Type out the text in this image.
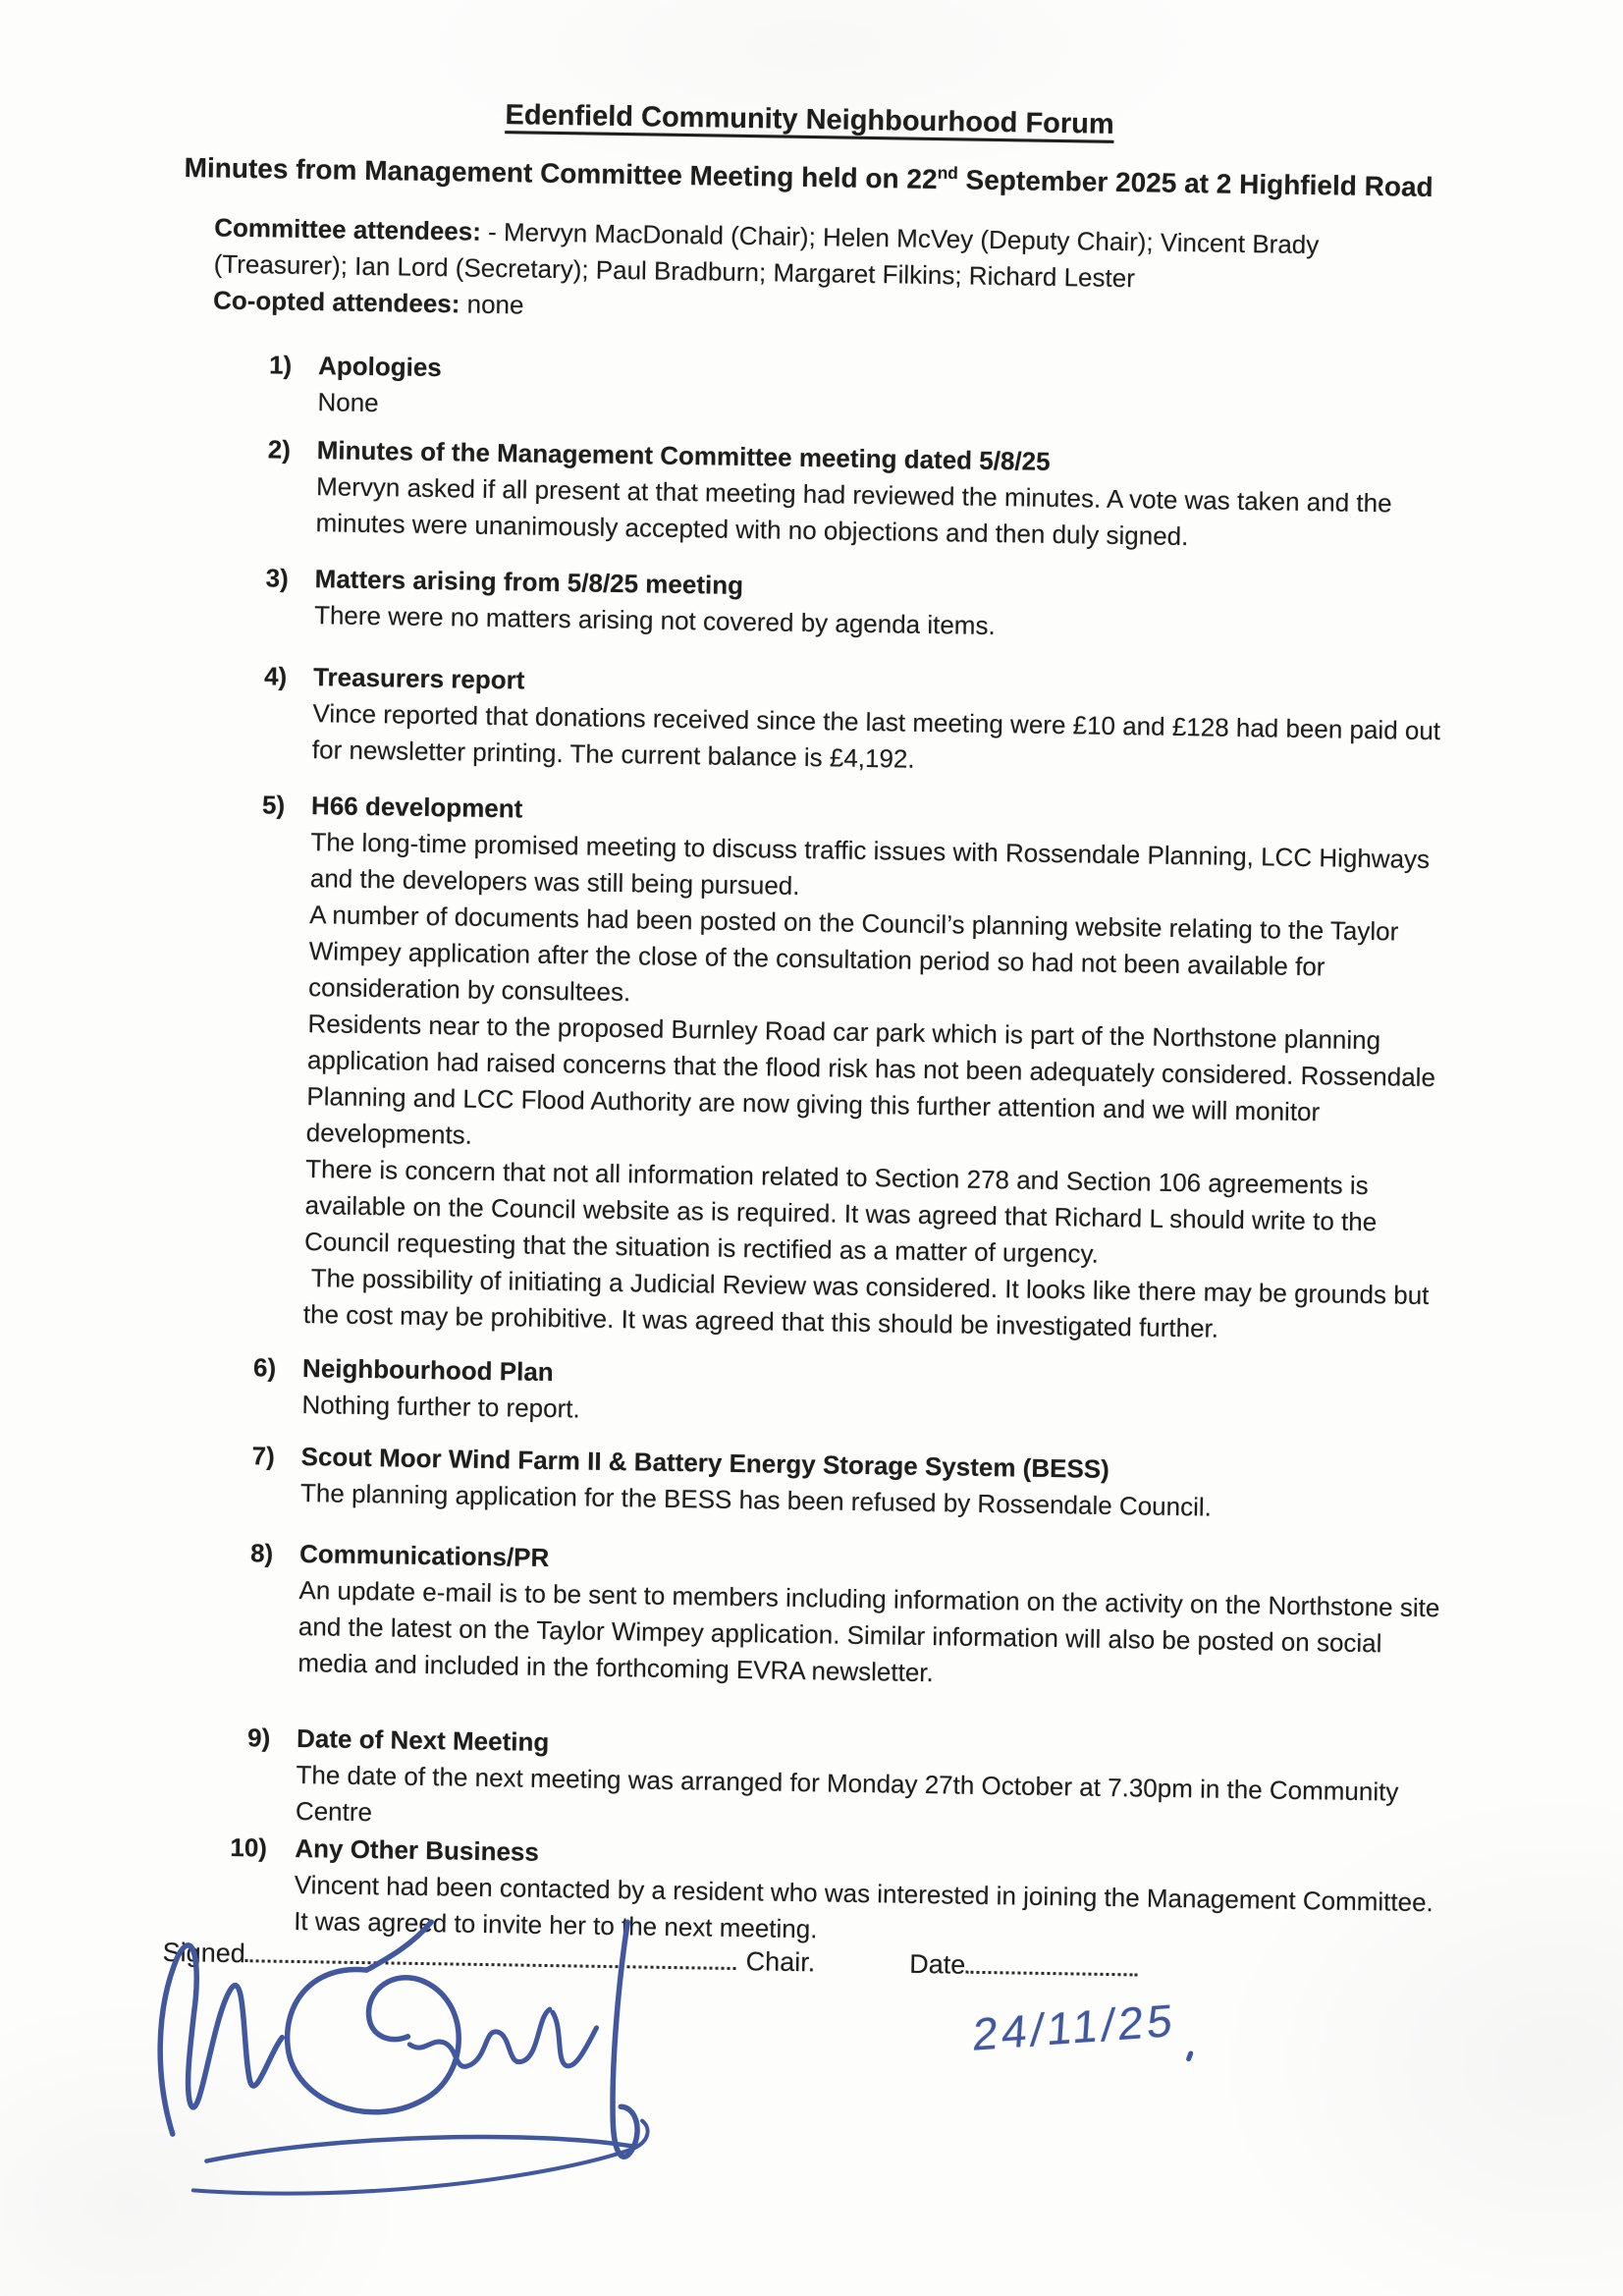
Edenfield Community Neighbourhood Forum
Minutes from Management Committee Meeting held on 22nd September 2025 at 2 Highfield Road
Committee attendees: - Mervyn MacDonald (Chair); Helen McVey (Deputy Chair); Vincent Brady (Treasurer); Ian Lord (Secretary); Paul Bradburn; Margaret Filkins; Richard Lester
Co-opted attendees: none
1)	Apologies
None
2)	Minutes of the Management Committee meeting dated 5/8/25
Mervyn asked if all present at that meeting had reviewed the minutes. A vote was taken and the minutes were unanimously accepted with no objections and then duly signed.
3)	Matters arising from 5/8/25 meeting
There were no matters arising not covered by agenda items.
4)	Treasurers report
Vince reported that donations received since the last meeting were £10 and £128 had been paid out for newsletter printing. The current balance is £4,192.
5)	H66 development
The long-time promised meeting to discuss traffic issues with Rossendale Planning, LCC Highways and the developers was still being pursued.
A number of documents had been posted on the Council’s planning website relating to the Taylor Wimpey application after the close of the consultation period so had not been available for consideration by consultees.
Residents near to the proposed Burnley Road car park which is part of the Northstone planning application had raised concerns that the flood risk has not been adequately considered. Rossendale Planning and LCC Flood Authority are now giving this further attention and we will monitor developments.
There is concern that not all information related to Section 278 and Section 106 agreements is available on the Council website as is required. It was agreed that Richard L should write to the Council requesting that the situation is rectified as a matter of urgency.
The possibility of initiating a Judicial Review was considered. It looks like there may be grounds but the cost may be prohibitive. It was agreed that this should be investigated further.
6)	Neighbourhood Plan
Nothing further to report.
7)	Scout Moor Wind Farm II & Battery Energy Storage System (BESS)
The planning application for the BESS has been refused by Rossendale Council.
8)	Communications/PR
An update e-mail is to be sent to members including information on the activity on the Northstone site and the latest on the Taylor Wimpey application. Similar information will also be posted on social media and included in the forthcoming EVRA newsletter.
9)	Date of Next Meeting
The date of the next meeting was arranged for Monday 27th October at 7.30pm in the Community Centre
10)	Any Other Business
Vincent had been contacted by a resident who was interested in joining the Management Committee. It was agreed to invite her to the next meeting.
Signed	Chair.	Date
24/11/25
